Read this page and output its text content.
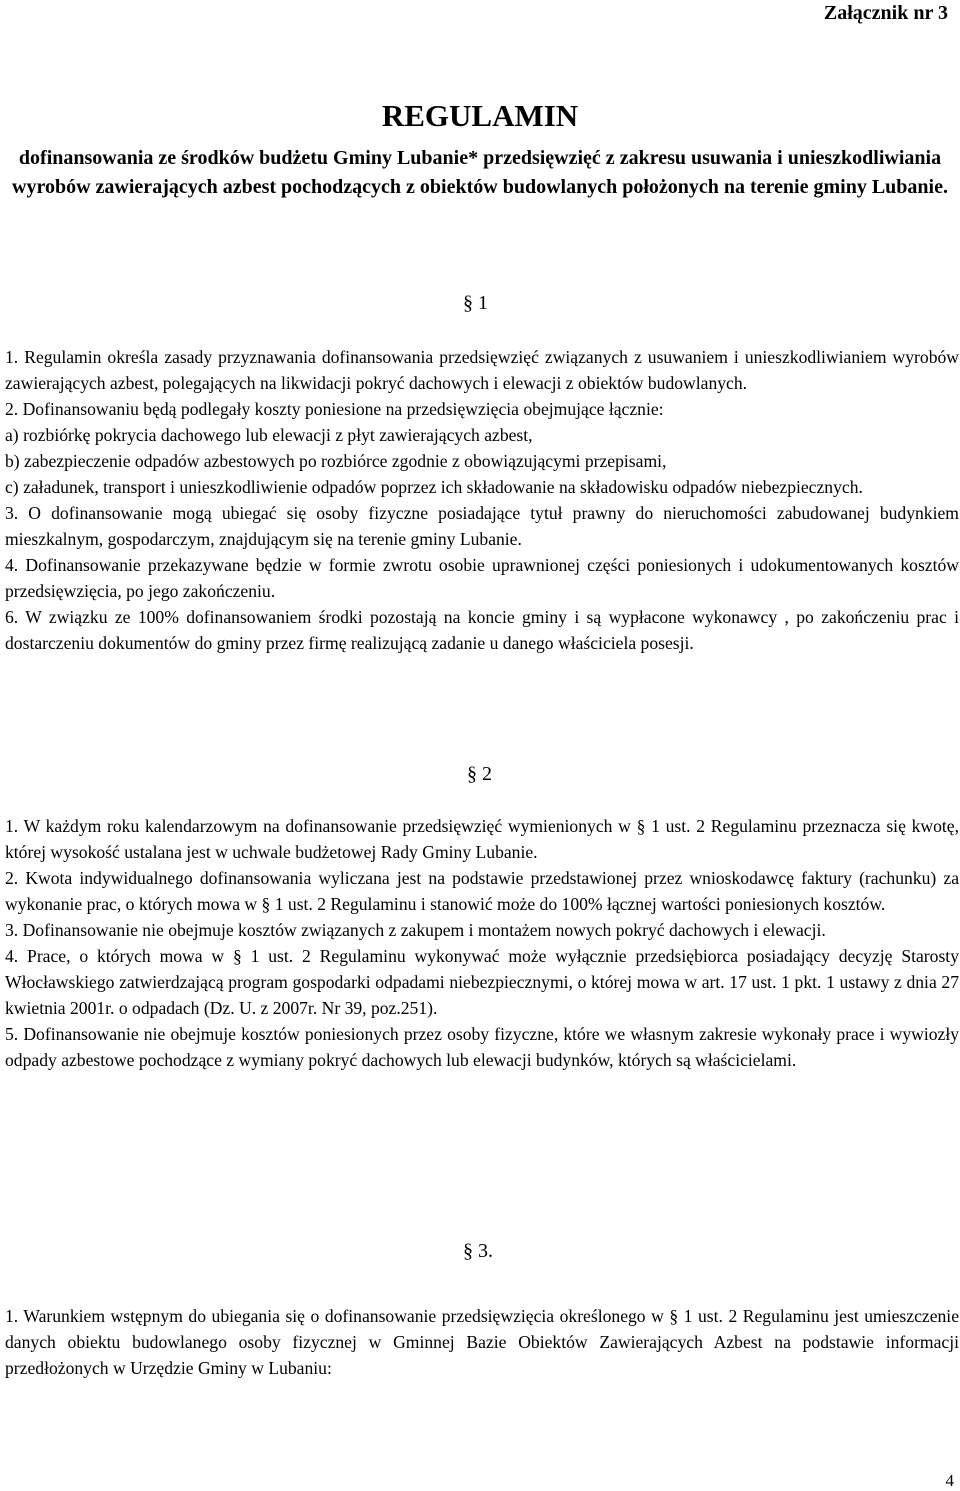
Załącznik nr 3
REGULAMIN
dofinansowania ze środków budżetu Gminy Lubanie* przedsięwzięć z zakresu usuwania i unieszkodliwiania wyrobów zawierających azbest pochodzących z obiektów budowlanych położonych na terenie gminy Lubanie.
§ 1

1. Regulamin określa zasady przyznawania dofinansowania przedsięwzięć związanych z usuwaniem i unieszkodliwianiem wyrobów zawierających azbest, polegających na likwidacji pokryć dachowych i elewacji z obiektów budowlanych.

2. Dofinansowaniu będą podlegały koszty poniesione na przedsięwzięcia obejmujące łącznie:

a) rozbiórkę pokrycia dachowego lub elewacji z płyt zawierających azbest,

b) zabezpieczenie odpadów azbestowych po rozbiórce zgodnie z obowiązującymi przepisami,

c) załadunek, transport i unieszkodliwienie odpadów poprzez ich składowanie na składowisku odpadów niebezpiecznych.

3. O dofinansowanie mogą ubiegać się osoby fizyczne posiadające tytuł prawny do nieruchomości zabudowanej budynkiem mieszkalnym, gospodarczym, znajdującym się na terenie gminy Lubanie.

4. Dofinansowanie przekazywane będzie w formie zwrotu osobie uprawnionej części poniesionych i udokumentowanych kosztów przedsięwzięcia, po jego zakończeniu.

6. W związku ze 100% dofinansowaniem środki pozostają na koncie gminy i są wypłacone wykonawcy , po zakończeniu prac i dostarczeniu dokumentów do gminy przez firmę realizującą zadanie u danego właściciela posesji.

§ 2

1. W każdym roku kalendarzowym na dofinansowanie przedsięwzięć wymienionych w § 1 ust. 2 Regulaminu przeznacza się kwotę, której wysokość ustalana jest w uchwale budżetowej Rady Gminy Lubanie.

2. Kwota indywidualnego dofinansowania wyliczana jest na podstawie przedstawionej przez wnioskodawcę faktury (rachunku) za wykonanie prac, o których mowa w § 1 ust. 2 Regulaminu i stanowić może do 100% łącznej wartości poniesionych kosztów.

3. Dofinansowanie nie obejmuje kosztów związanych z zakupem i montażem nowych pokryć dachowych i elewacji.

4. Prace, o których mowa w § 1 ust. 2 Regulaminu wykonywać może wyłącznie przedsiębiorca posiadający decyzję Starosty Włocławskiego zatwierdzającą program gospodarki odpadami niebezpiecznymi, o której mowa w art. 17 ust. 1 pkt. 1 ustawy z dnia 27 kwietnia 2001r. o odpadach (Dz. U. z 2007r. Nr 39, poz.251).

5. Dofinansowanie nie obejmuje kosztów poniesionych przez osoby fizyczne, które we własnym zakresie wykonały prace i wywiozły odpady azbestowe pochodzące z wymiany pokryć dachowych lub elewacji budynków, których są właścicielami.

§ 3.

1. Warunkiem wstępnym do ubiegania się o dofinansowanie przedsięwzięcia określonego w § 1 ust. 2 Regulaminu jest umieszczenie danych obiektu budowlanego osoby fizycznej w Gminnej Bazie Obiektów Zawierających Azbest na podstawie informacji przedłożonych w Urzędzie Gminy w Lubaniu:

4
